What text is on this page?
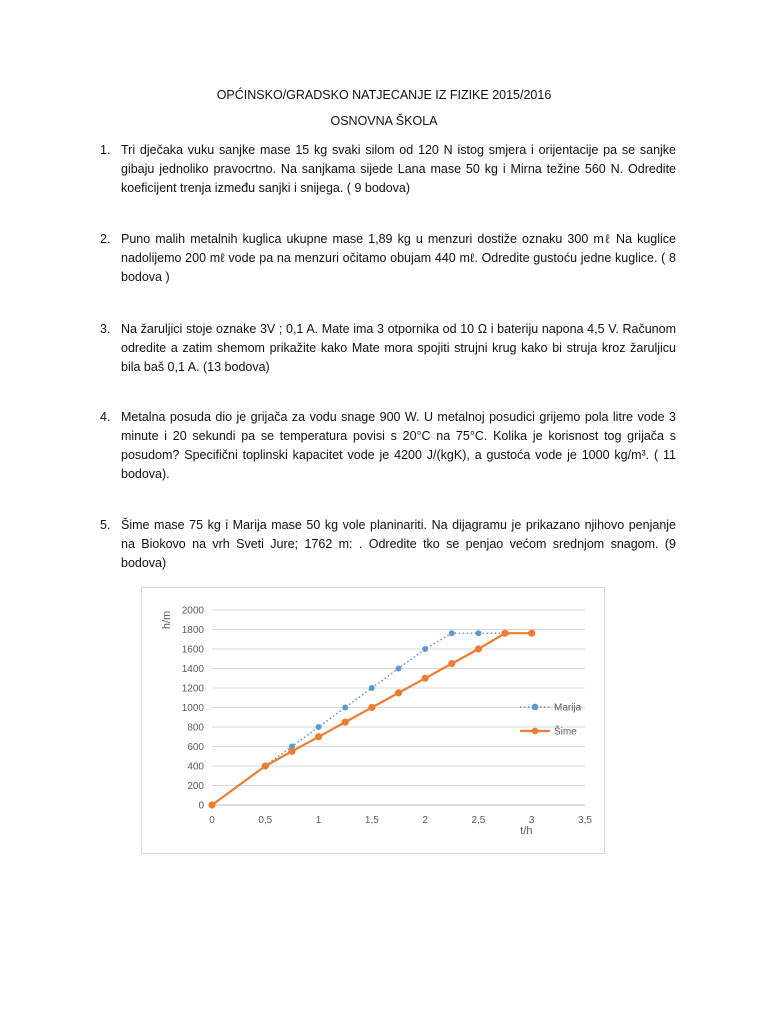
OPĆINSKO/GRADSKO NATJECANJE IZ FIZIKE 2015/2016
OSNOVNA ŠKOLA
1. Tri dječaka vuku sanjke mase 15 kg svaki silom od 120 N istog smjera i orijentacije pa se sanjke gibaju jednoliko pravocrtno. Na sanjkama sijede Lana mase 50 kg i Mirna težine 560 N. Odredite koeficijent trenja između sanjki i snijega. ( 9 bodova)
2. Puno malih metalnih kuglica ukupne mase 1,89 kg u menzuri dostiže oznaku 300 mℓ Na kuglice nadolijemo 200 mℓ vode pa na menzuri očitamo obujam 440 mℓ. Odredite gustoću jedne kuglice. ( 8 bodova )
3. Na žaruljici stoje oznake 3V ; 0,1 A. Mate ima 3 otpornika od 10 Ω i bateriju napona 4,5 V. Računom odredite a zatim shemom prikažite kako Mate mora spojiti strujni krug kako bi struja kroz žaruljicu bila baš 0,1 A. (13 bodova)
4. Metalna posuda dio je grijača za vodu snage 900 W. U metalnoj posudici grijemo pola litre vode 3 minute i 20 sekundi pa se temperatura povisi s 20°C na 75°C. Kolika je korisnost tog grijača s posudom? Specifični toplinski kapacitet vode je 4200 J/(kgK), a gustoća vode je 1000 kg/m³. ( 11 bodova).
5. Šime mase 75 kg i Marija mase 50 kg vole planinariti. Na dijagramu je prikazano njihovo penjanje na Biokovo na vrh Sveti Jure; 1762 m: . Odredite tko se penjao većom srednjom snagom. (9 bodova)
0
200
400
600
800
1000
1200
1400
1600
1800
2000
0	0,5	1	1,5	2	2,5	3	3,5
h/m
t/h
Marija
Šime
